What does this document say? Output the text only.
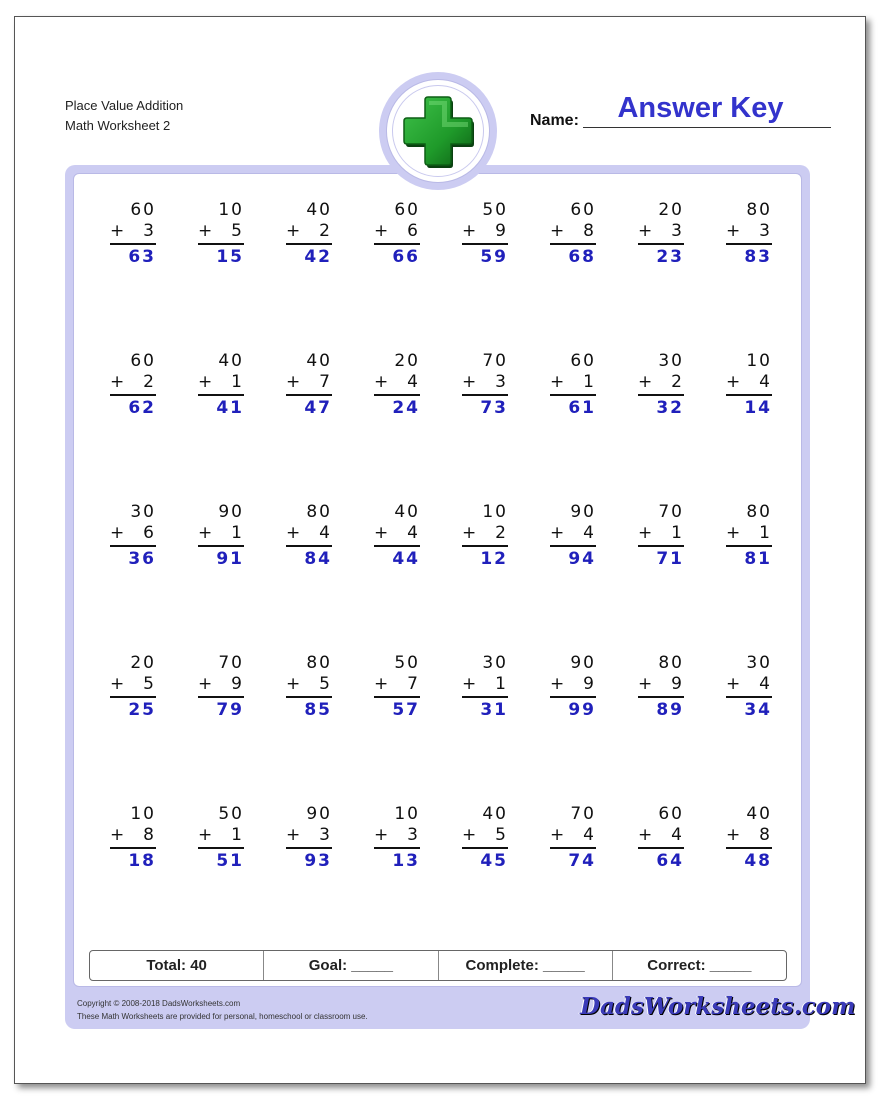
Place Value Addition
Math Worksheet 2	Name:	Answer Key
60
+ 3
63
10
+ 5
15
40
+ 2
42
60
+ 6
66
50
+ 9
59
60
+ 8
68
20
+ 3
23
80
+ 3
83
60
+ 2
62
40
+ 1
41
40
+ 7
47
20
+ 4
24
70
+ 3
73
60
+ 1
61
30
+ 2
32
10
+ 4
14
30
+ 6
36
90
+ 1
91
80
+ 4
84
40
+ 4
44
10
+ 2
12
90
+ 4
94
70
+ 1
71
80
+ 1
81
20
+ 5
25
70
+ 9
79
80
+ 5
85
50
+ 7
57
30
+ 1
31
90
+ 9
99
80
+ 9
89
30
+ 4
34
10
+ 8
18
50
+ 1
51
90
+ 3
93
10
+ 3
13
40
+ 5
45
70
+ 4
74
60
+ 4
64
40
+ 8
48
Total: 40	Goal: _____	Complete: _____	Correct: _____
Copyright © 2008-2018 DadsWorksheets.com
These Math Worksheets are provided for personal, homeschool or classroom use.	DadsWorksheets.com
